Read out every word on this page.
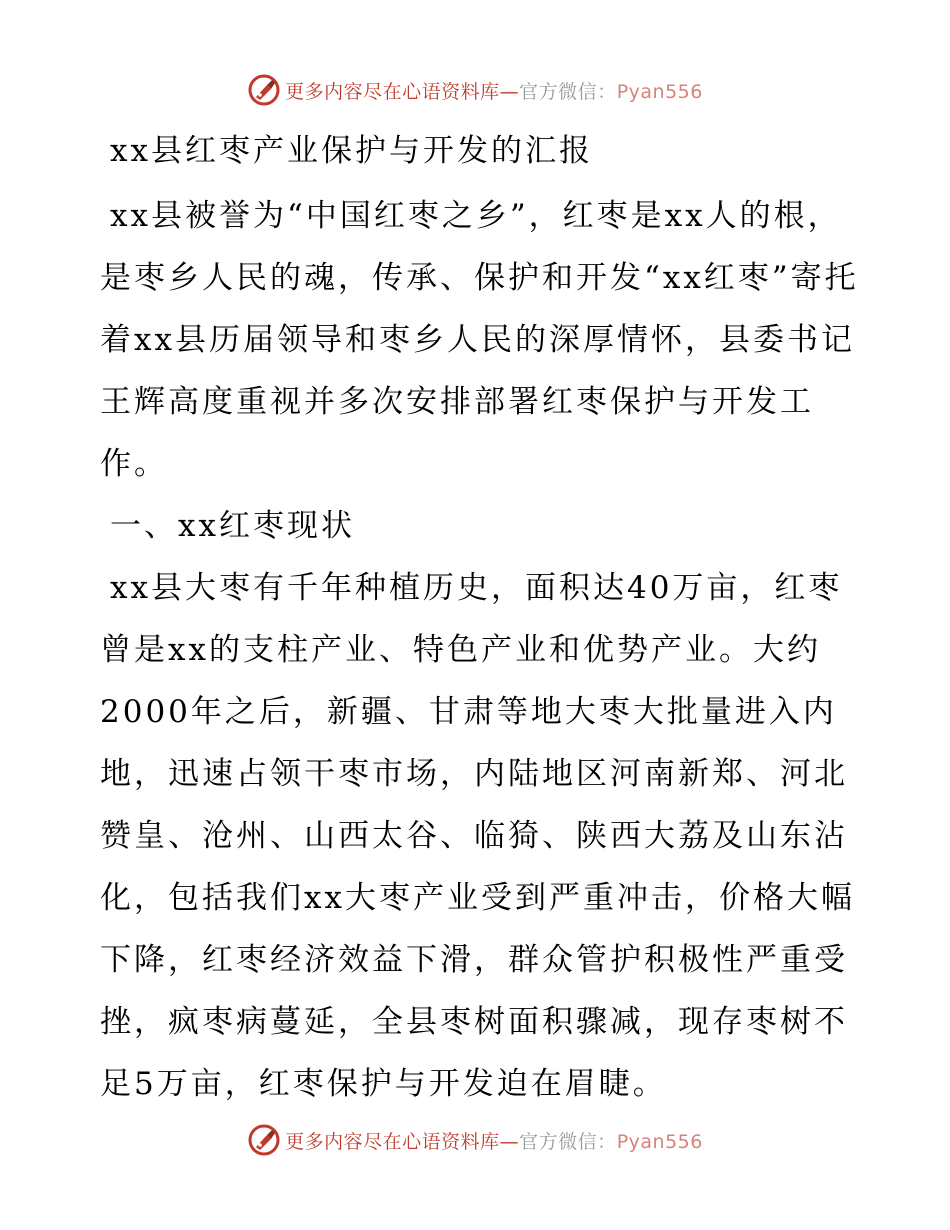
更多内容尽在心语资料库—官方微信：Pyan556

xx县红枣产业保护与开发的汇报

xx县被誉为“中国红枣之乡”，红枣是xx人的根，是枣乡人民的魂，传承、保护和开发“xx红枣”寄托着xx县历届领导和枣乡人民的深厚情怀，县委书记王辉高度重视并多次安排部署红枣保护与开发工作。

一、xx红枣现状

xx县大枣有千年种植历史，面积达40万亩，红枣曾是xx的支柱产业、特色产业和优势产业。大约2000年之后，新疆、甘肃等地大枣大批量进入内地，迅速占领干枣市场，内陆地区河南新郑、河北赞皇、沧州、山西太谷、临猗、陕西大荔及山东沾化，包括我们xx大枣产业受到严重冲击，价格大幅下降，红枣经济效益下滑，群众管护积极性严重受挫，疯枣病蔓延，全县枣树面积骤减，现存枣树不足5万亩，红枣保护与开发迫在眉睫。

更多内容尽在心语资料库—官方微信：Pyan556
